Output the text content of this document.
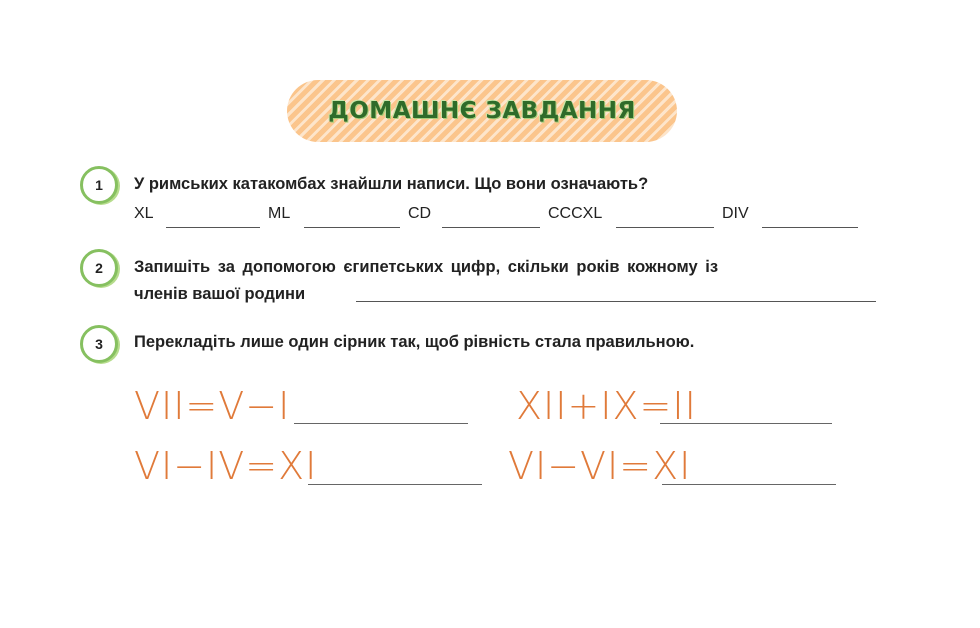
ДОМАШНЄ ЗАВДАННЯ
1 У римських катакомбах знайшли написи. Що вони означають?
XL	ML	CD	CCCXL	DIV
2 Запишіть за допомогою єгипетських цифр, скільки років кожному із
членів вашої родини
3 Перекладіть лише один сірник так, щоб рівність стала правильною.
VII=V−I	XII+IX=II
VI−IV=XI	VI−VI=XI
